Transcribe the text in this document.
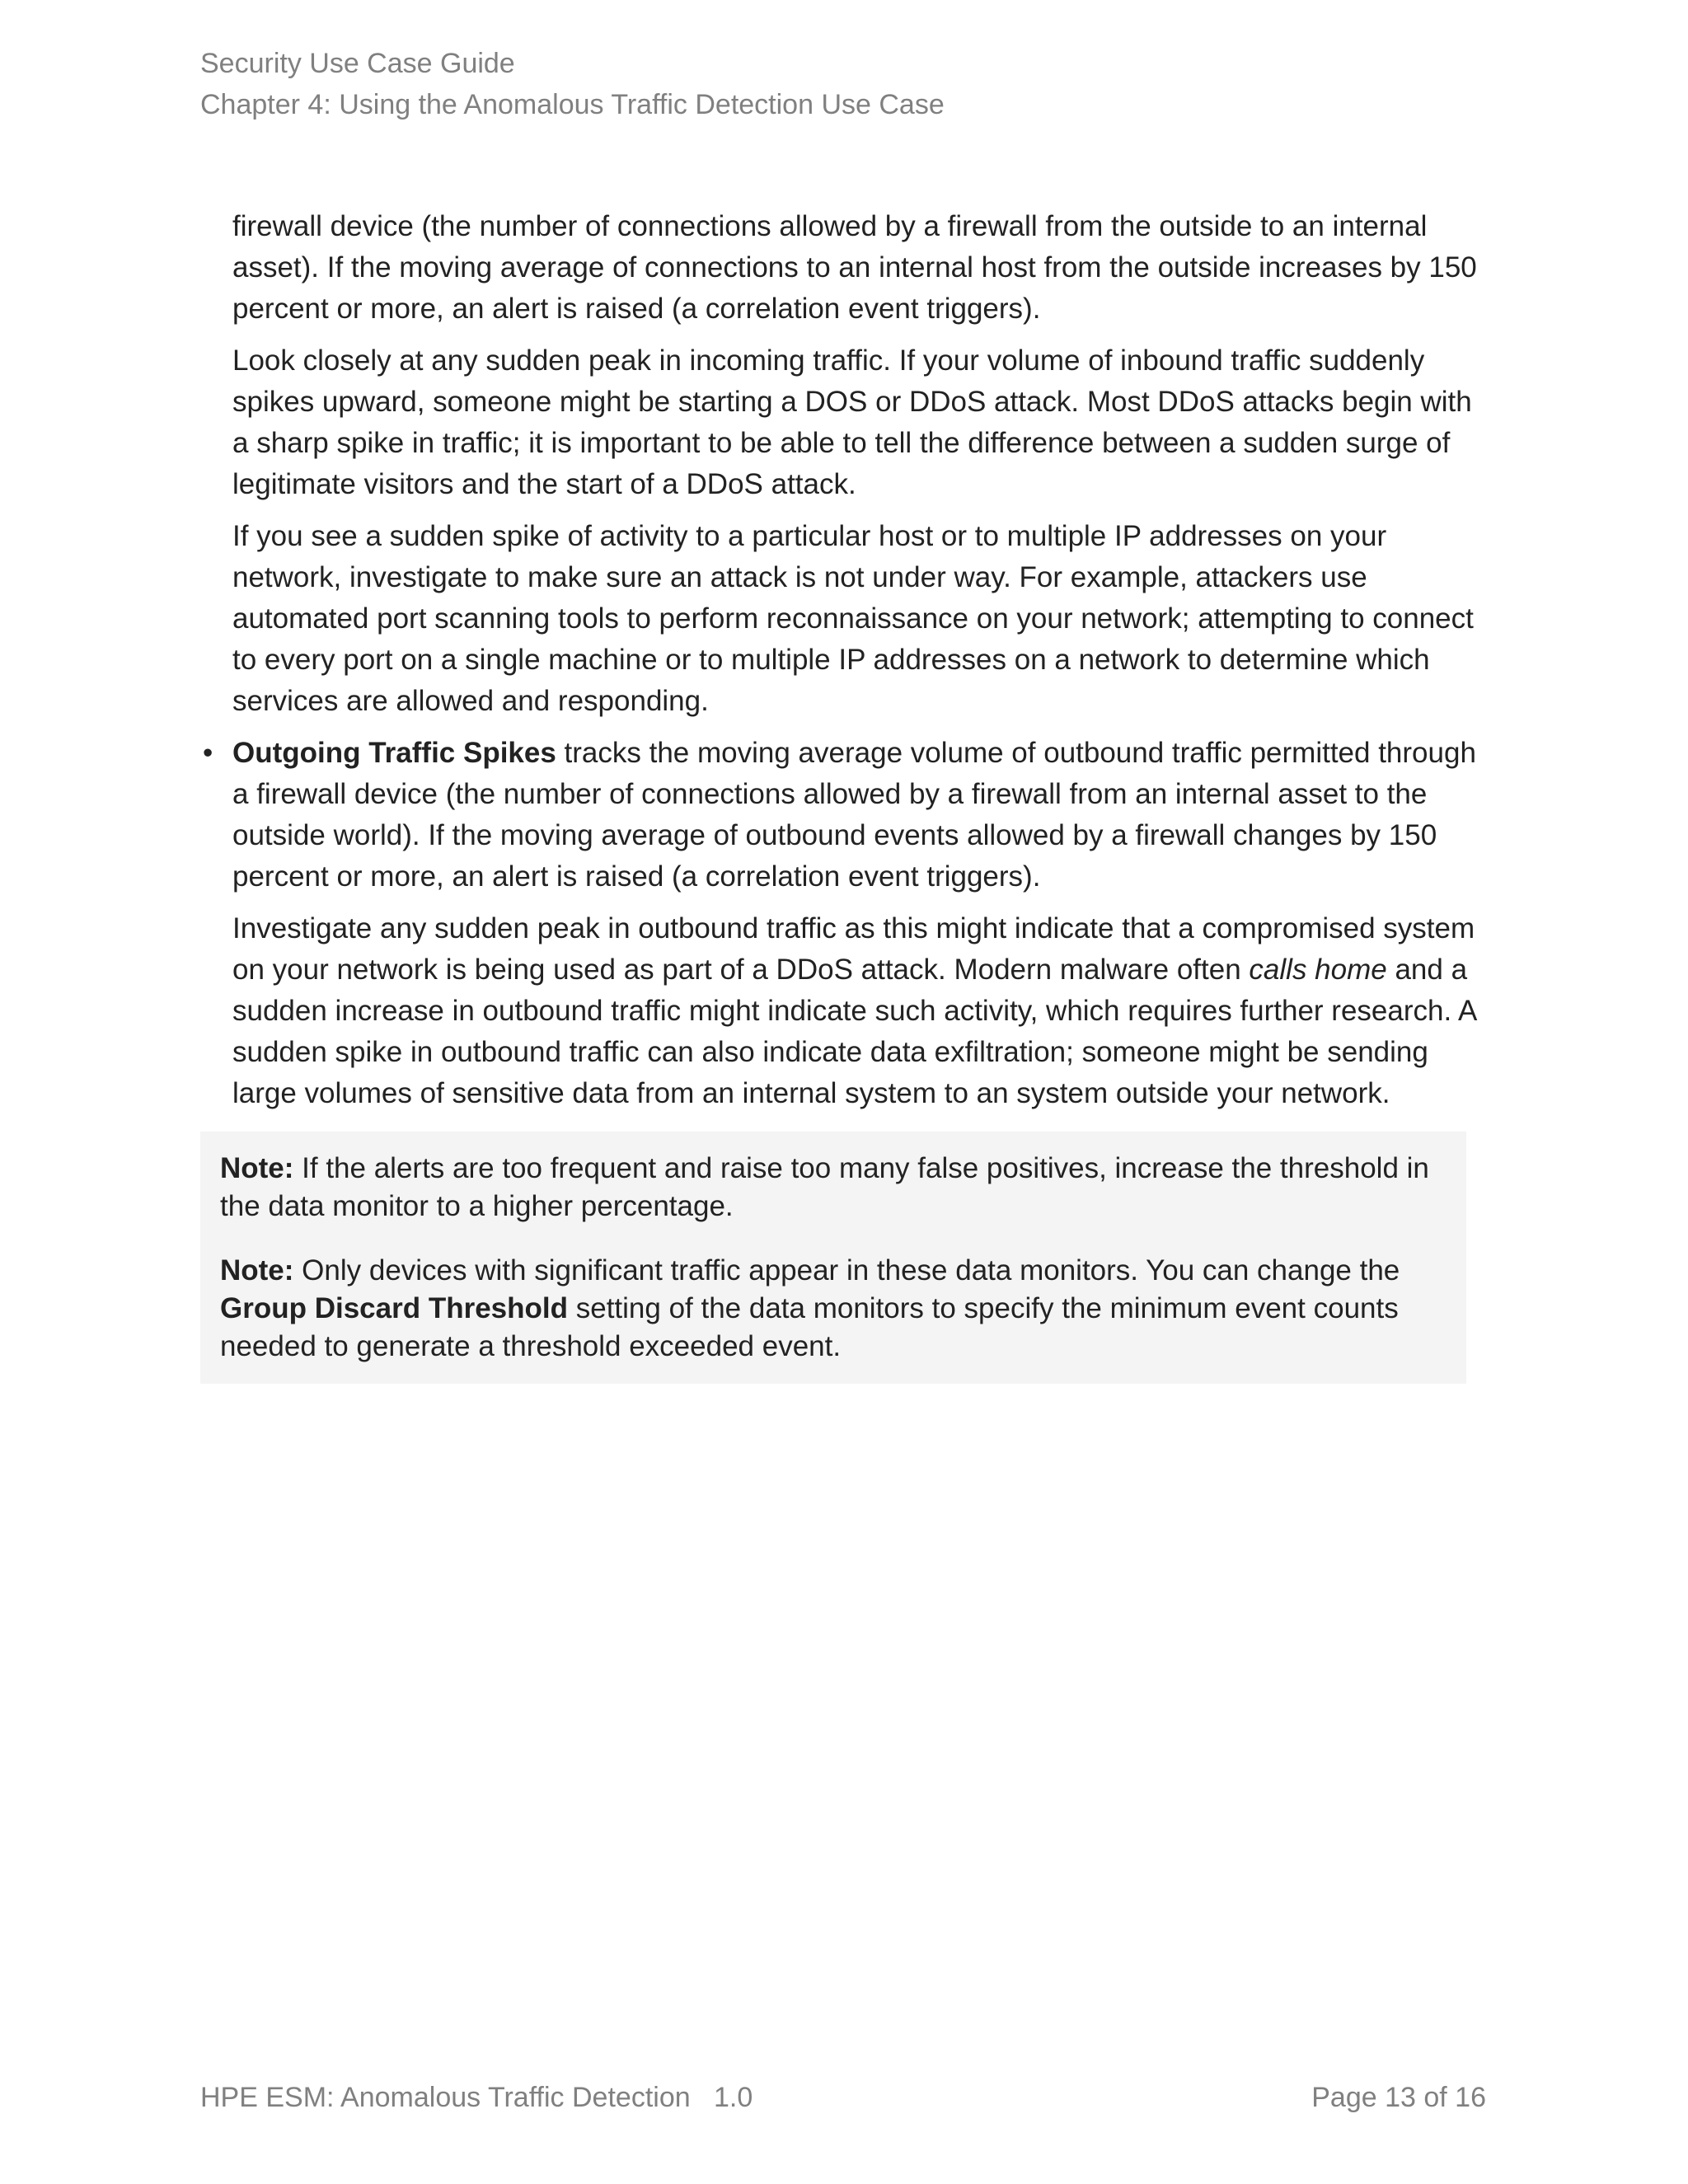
Security Use Case Guide
Chapter 4: Using the Anomalous Traffic Detection Use Case

firewall device (the number of connections allowed by a firewall from the outside to an internal asset). If the moving average of connections to an internal host from the outside increases by 150 percent or more, an alert is raised (a correlation event triggers).

Look closely at any sudden peak in incoming traffic. If your volume of inbound traffic suddenly spikes upward, someone might be starting a DOS or DDoS attack. Most DDoS attacks begin with a sharp spike in traffic; it is important to be able to tell the difference between a sudden surge of legitimate visitors and the start of a DDoS attack.

If you see a sudden spike of activity to a particular host or to multiple IP addresses on your network, investigate to make sure an attack is not under way. For example, attackers use automated port scanning tools to perform reconnaissance on your network; attempting to connect to every port on a single machine or to multiple IP addresses on a network to determine which services are allowed and responding.

• Outgoing Traffic Spikes tracks the moving average volume of outbound traffic permitted through a firewall device (the number of connections allowed by a firewall from an internal asset to the outside world). If the moving average of outbound events allowed by a firewall changes by 150 percent or more, an alert is raised (a correlation event triggers).

Investigate any sudden peak in outbound traffic as this might indicate that a compromised system on your network is being used as part of a DDoS attack. Modern malware often calls home and a sudden increase in outbound traffic might indicate such activity, which requires further research. A sudden spike in outbound traffic can also indicate data exfiltration; someone might be sending large volumes of sensitive data from an internal system to an system outside your network.

Note: If the alerts are too frequent and raise too many false positives, increase the threshold in the data monitor to a higher percentage.

Note: Only devices with significant traffic appear in these data monitors. You can change the Group Discard Threshold setting of the data monitors to specify the minimum event counts needed to generate a threshold exceeded event.

HPE ESM: Anomalous Traffic Detection   1.0	Page 13 of 16
